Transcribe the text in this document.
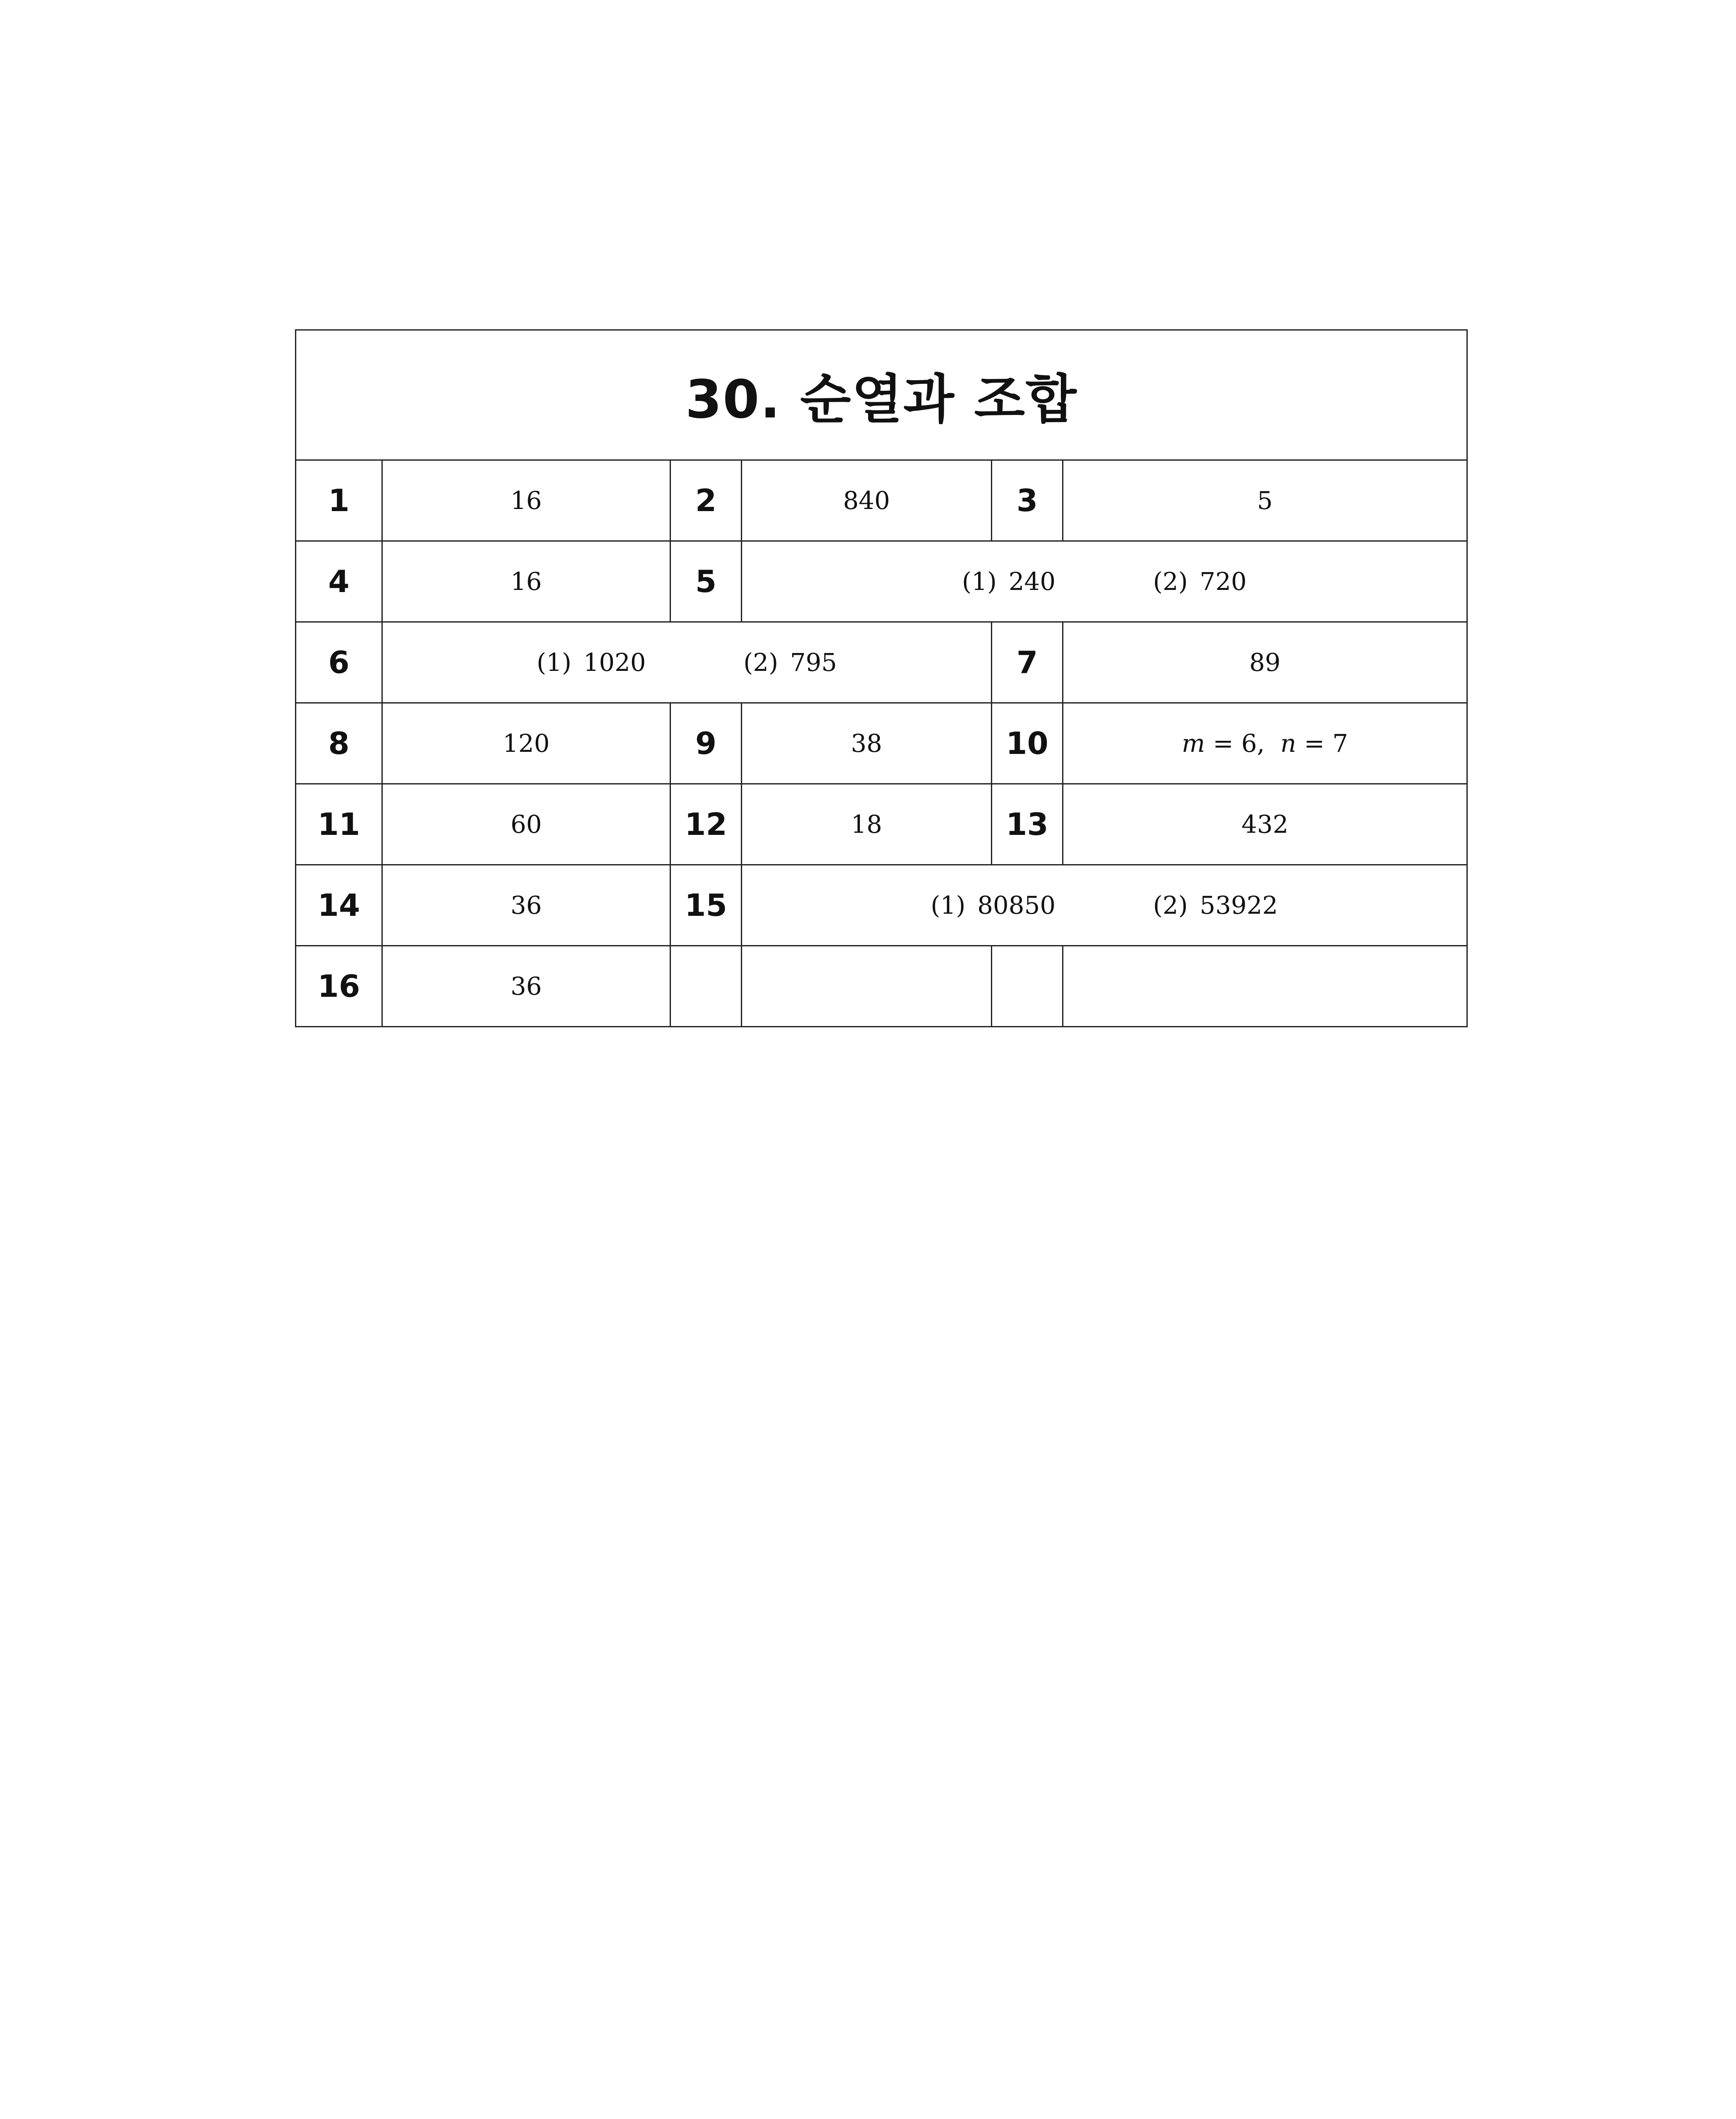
30. 순열과 조합					
1	16	2	840	3	5
4	16	5	(1) 240 (2) 720		
6	(1) 1020 (2) 795			7	89
8	120	9	38	10	m = 6, n = 7
11	60	12	18	13	432
14	36	15	(1) 80850 (2) 53922		
16	36				
